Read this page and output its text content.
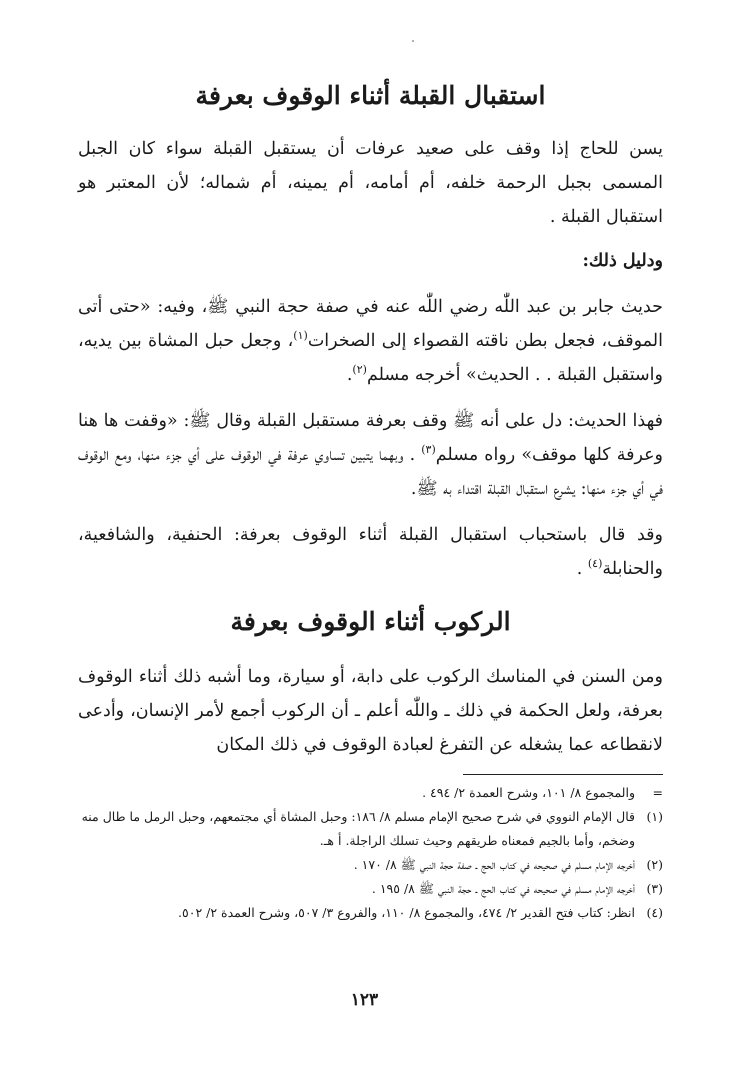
استقبال القبلة أثناء الوقوف بعرفة

يسن للحاج إذا وقف على صعيد عرفات أن يستقبل القبلة سواء كان الجبل المسمى بجبل الرحمة خلفه، أم أمامه، أم يمينه، أم شماله؛ لأن المعتبر هو استقبال القبلة .

ودليل ذلك:

حديث جابر بن عبد اللّٰه رضي اللّٰه عنه في صفة حجة النبي ﷺ، وفيه: «حتى أتى الموقف، فجعل بطن ناقته القصواء إلى الصخرات$^{(١)}$، وجعل حبل المشاة بين يديه، واستقبل القبلة . . الحديث» أخرجه مسلم$^{(٢)}$.

فهذا الحديث: دل على أنه ﷺ وقف بعرفة مستقبل القبلة وقال ﷺ: «وقفت ها هنا وعرفة كلها موقف» رواه مسلم$^{(٣)}$ . وبهما يتبين تساوي عرفة في الوقوف على أي جزء منها، ومع الوقوف في أي جزء منها: يشرع استقبال القبلة اقتداء به ﷺ.

وقد قال باستحباب استقبال القبلة أثناء الوقوف بعرفة: الحنفية، والشافعية، والحنابلة$^{(٤)}$ .

الركوب أثناء الوقوف بعرفة

ومن السنن في المناسك الركوب على دابة، أو سيارة، وما أشبه ذلك أثناء الوقوف بعرفة، ولعل الحكمة في ذلك ـ واللّٰه أعلم ـ أن الركوب أجمع لأمر الإنسان، وأدعى لانقطاعه عما يشغله عن التفرغ لعبادة الوقوف في ذلك المكان

=
والمجموع ٨/ ١٠١، وشرح العمدة ٢/ ٤٩٤ .
(١)
قال الإمام النووي في شرح صحيح الإمام مسلم ٨/ ١٨٦: وحبل المشاة أي مجتمعهم، وحبل الرمل ما طال منه وضخم، وأما بالجيم فمعناه طريقهم وحيث تسلك الراجلة. أ هـ.
(٢)
أخرجه الإمام مسلم في صحيحه في كتاب الحج ـ صفة حجة النبي ﷺ ٨/ ١٧٠ .
(٣)
أخرجه الإمام مسلم في صحيحه في كتاب الحج ـ حجة النبي ﷺ ٨/ ١٩٥ .
(٤)
انظر: كتاب فتح القدير ٢/ ٤٧٤، والمجموع ٨/ ١١٠، والفروع ٣/ ٥٠٧، وشرح العمدة ٢/ ٥٠٢.
١٢٣
